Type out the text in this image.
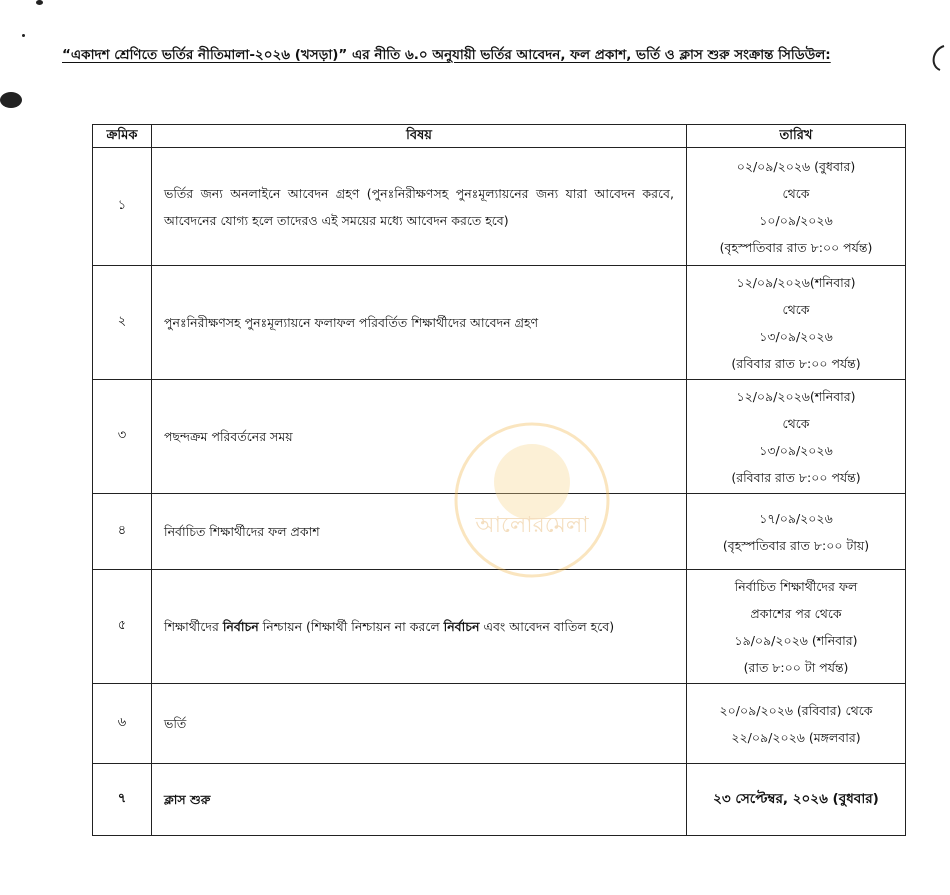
“একাদশ শ্রেণিতে ভর্তির নীতিমালা-২০২৬ (খসড়া)” এর নীতি ৬.০ অনুযায়ী ভর্তির আবেদন, ফল প্রকাশ, ভর্তি ও ক্লাস শুরু সংক্রান্ত সিডিউল:
ক্রমিক	বিষয়	তারিখ
১	ভর্তির জন্য অনলাইনে আবেদন গ্রহণ (পুনঃনিরীক্ষণসহ পুনঃমূল্যায়নের জন্য যারা আবেদন করবে, আবেদনের যোগ্য হলে তাদেরও এই সময়ের মধ্যে আবেদন করতে হবে)	০২/০৯/২০২৬ (বুধবার)
থেকে
১০/০৯/২০২৬
(বৃহস্পতিবার রাত ৮:০০ পর্যন্ত)

২	পুনঃনিরীক্ষণসহ পুনঃমূল্যায়নে ফলাফল পরিবর্তিত শিক্ষার্থীদের আবেদন গ্রহণ	১২/০৯/২০২৬(শনিবার)
থেকে
১৩/০৯/২০২৬
(রবিবার রাত ৮:০০ পর্যন্ত)

৩	পছন্দক্রম পরিবর্তনের সময়	১২/০৯/২০২৬(শনিবার)
থেকে
১৩/০৯/২০২৬
(রবিবার রাত ৮:০০ পর্যন্ত)

৪	নির্বাচিত শিক্ষার্থীদের ফল প্রকাশ	১৭/০৯/২০২৬
(বৃহস্পতিবার রাত ৮:০০ টায়)

৫	শিক্ষার্থীদের নির্বাচন নিশ্চায়ন (শিক্ষার্থী নিশ্চায়ন না করলে নির্বাচন এবং আবেদন বাতিল হবে)	নির্বাচিত শিক্ষার্থীদের ফল
প্রকাশের পর থেকে
১৯/০৯/২০২৬ (শনিবার)
(রাত ৮:০০ টা পর্যন্ত)

৬	ভর্তি	২০/০৯/২০২৬ (রবিবার) থেকে
২২/০৯/২০২৬ (মঙ্গলবার)

৭	ক্লাস শুরু	২৩ সেপ্টেম্বর, ২০২৬ (বুধবার)
আলোরমেলা
